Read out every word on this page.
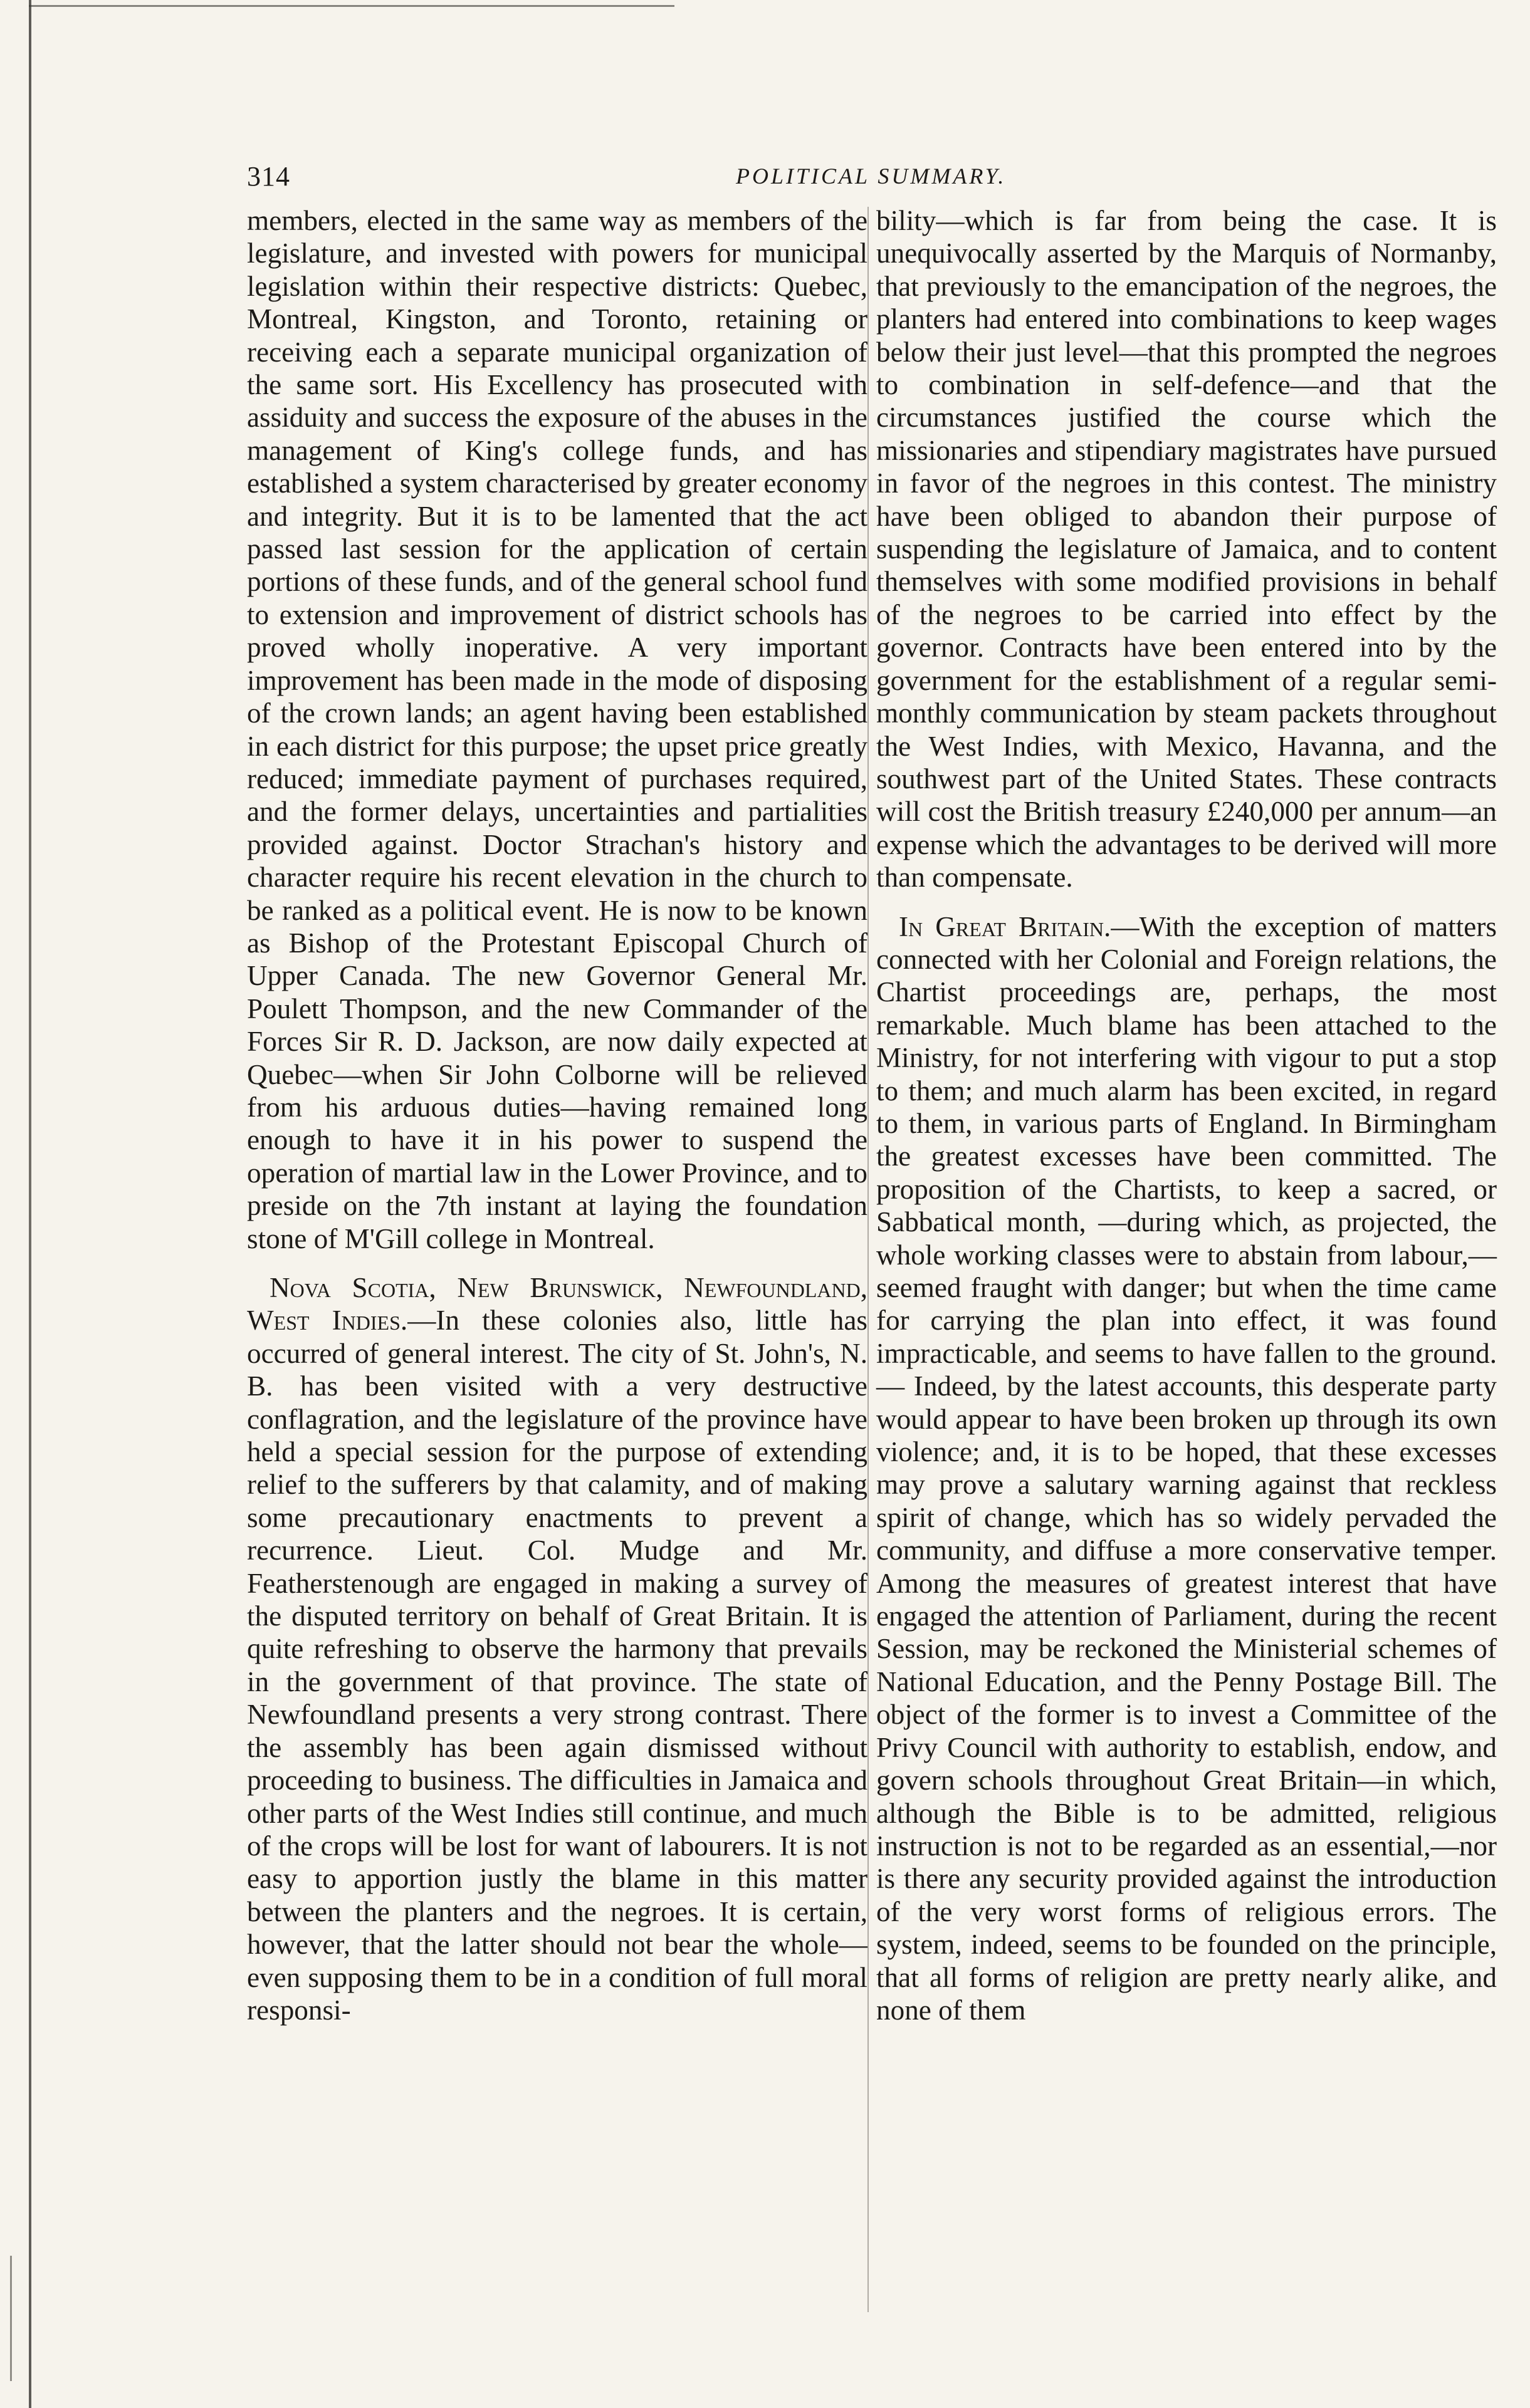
314	POLITICAL SUMMARY.

members, elected in the same way as members of the legislature, and invested with powers for municipal legislation within their respective districts: Quebec, Montreal, Kingston, and Toronto, retaining or receiving each a separate municipal organization of the same sort. His Excellency has prosecuted with assiduity and success the exposure of the abuses in the management of King's college funds, and has established a system characterised by greater economy and integrity. But it is to be lamented that the act passed last session for the application of certain portions of these funds, and of the general school fund to extension and improvement of district schools has proved wholly inoperative. A very important improvement has been made in the mode of disposing of the crown lands; an agent having been established in each district for this purpose; the upset price greatly reduced; immediate payment of purchases required, and the former delays, uncertainties and partialities provided against. Doctor Strachan's history and character require his recent elevation in the church to be ranked as a political event. He is now to be known as Bishop of the Protestant Episcopal Church of Upper Canada. The new Governor General Mr. Poulett Thompson, and the new Commander of the Forces Sir R. D. Jackson, are now daily expected at Quebec—when Sir John Colborne will be relieved from his arduous duties—having remained long enough to have it in his power to suspend the operation of martial law in the Lower Province, and to preside on the 7th instant at laying the foundation stone of M'Gill college in Montreal.

Nova Scotia, New Brunswick, Newfoundland, West Indies.—In these colonies also, little has occurred of general interest. The city of St. John's, N. B. has been visited with a very destructive conflagration, and the legislature of the province have held a special session for the purpose of extending relief to the sufferers by that calamity, and of making some precautionary enactments to prevent a recurrence. Lieut. Col. Mudge and Mr. Featherstenough are engaged in making a survey of the disputed territory on behalf of Great Britain. It is quite refreshing to observe the harmony that prevails in the government of that province. The state of Newfoundland presents a very strong contrast. There the assembly has been again dismissed without proceeding to business. The difficulties in Jamaica and other parts of the West Indies still continue, and much of the crops will be lost for want of labourers. It is not easy to apportion justly the blame in this matter between the planters and the negroes. It is certain, however, that the latter should not bear the whole—even supposing them to be in a condition of full moral responsi-

bility—which is far from being the case. It is unequivocally asserted by the Marquis of Normanby, that previously to the emancipation of the negroes, the planters had entered into combinations to keep wages below their just level—that this prompted the negroes to combination in self-defence—and that the circumstances justified the course which the missionaries and stipendiary magistrates have pursued in favor of the negroes in this contest. The ministry have been obliged to abandon their purpose of suspending the legislature of Jamaica, and to content themselves with some modified provisions in behalf of the negroes to be carried into effect by the governor. Contracts have been entered into by the government for the establishment of a regular semi-monthly communication by steam packets throughout the West Indies, with Mexico, Havanna, and the southwest part of the United States. These contracts will cost the British treasury £240,000 per annum—an expense which the advantages to be derived will more than compensate.

In Great Britain.—With the exception of matters connected with her Colonial and Foreign relations, the Chartist proceedings are, perhaps, the most remarkable. Much blame has been attached to the Ministry, for not interfering with vigour to put a stop to them; and much alarm has been excited, in regard to them, in various parts of England. In Birmingham the greatest excesses have been committed. The proposition of the Chartists, to keep a sacred, or Sabbatical month, —during which, as projected, the whole working classes were to abstain from labour,—seemed fraught with danger; but when the time came for carrying the plan into effect, it was found impracticable, and seems to have fallen to the ground.— Indeed, by the latest accounts, this desperate party would appear to have been broken up through its own violence; and, it is to be hoped, that these excesses may prove a salutary warning against that reckless spirit of change, which has so widely pervaded the community, and diffuse a more conservative temper. Among the measures of greatest interest that have engaged the attention of Parliament, during the recent Session, may be reckoned the Ministerial schemes of National Education, and the Penny Postage Bill. The object of the former is to invest a Committee of the Privy Council with authority to establish, endow, and govern schools throughout Great Britain—in which, although the Bible is to be admitted, religious instruction is not to be regarded as an essential,—nor is there any security provided against the introduction of the very worst forms of religious errors. The system, indeed, seems to be founded on the principle, that all forms of religion are pretty nearly alike, and none of them
